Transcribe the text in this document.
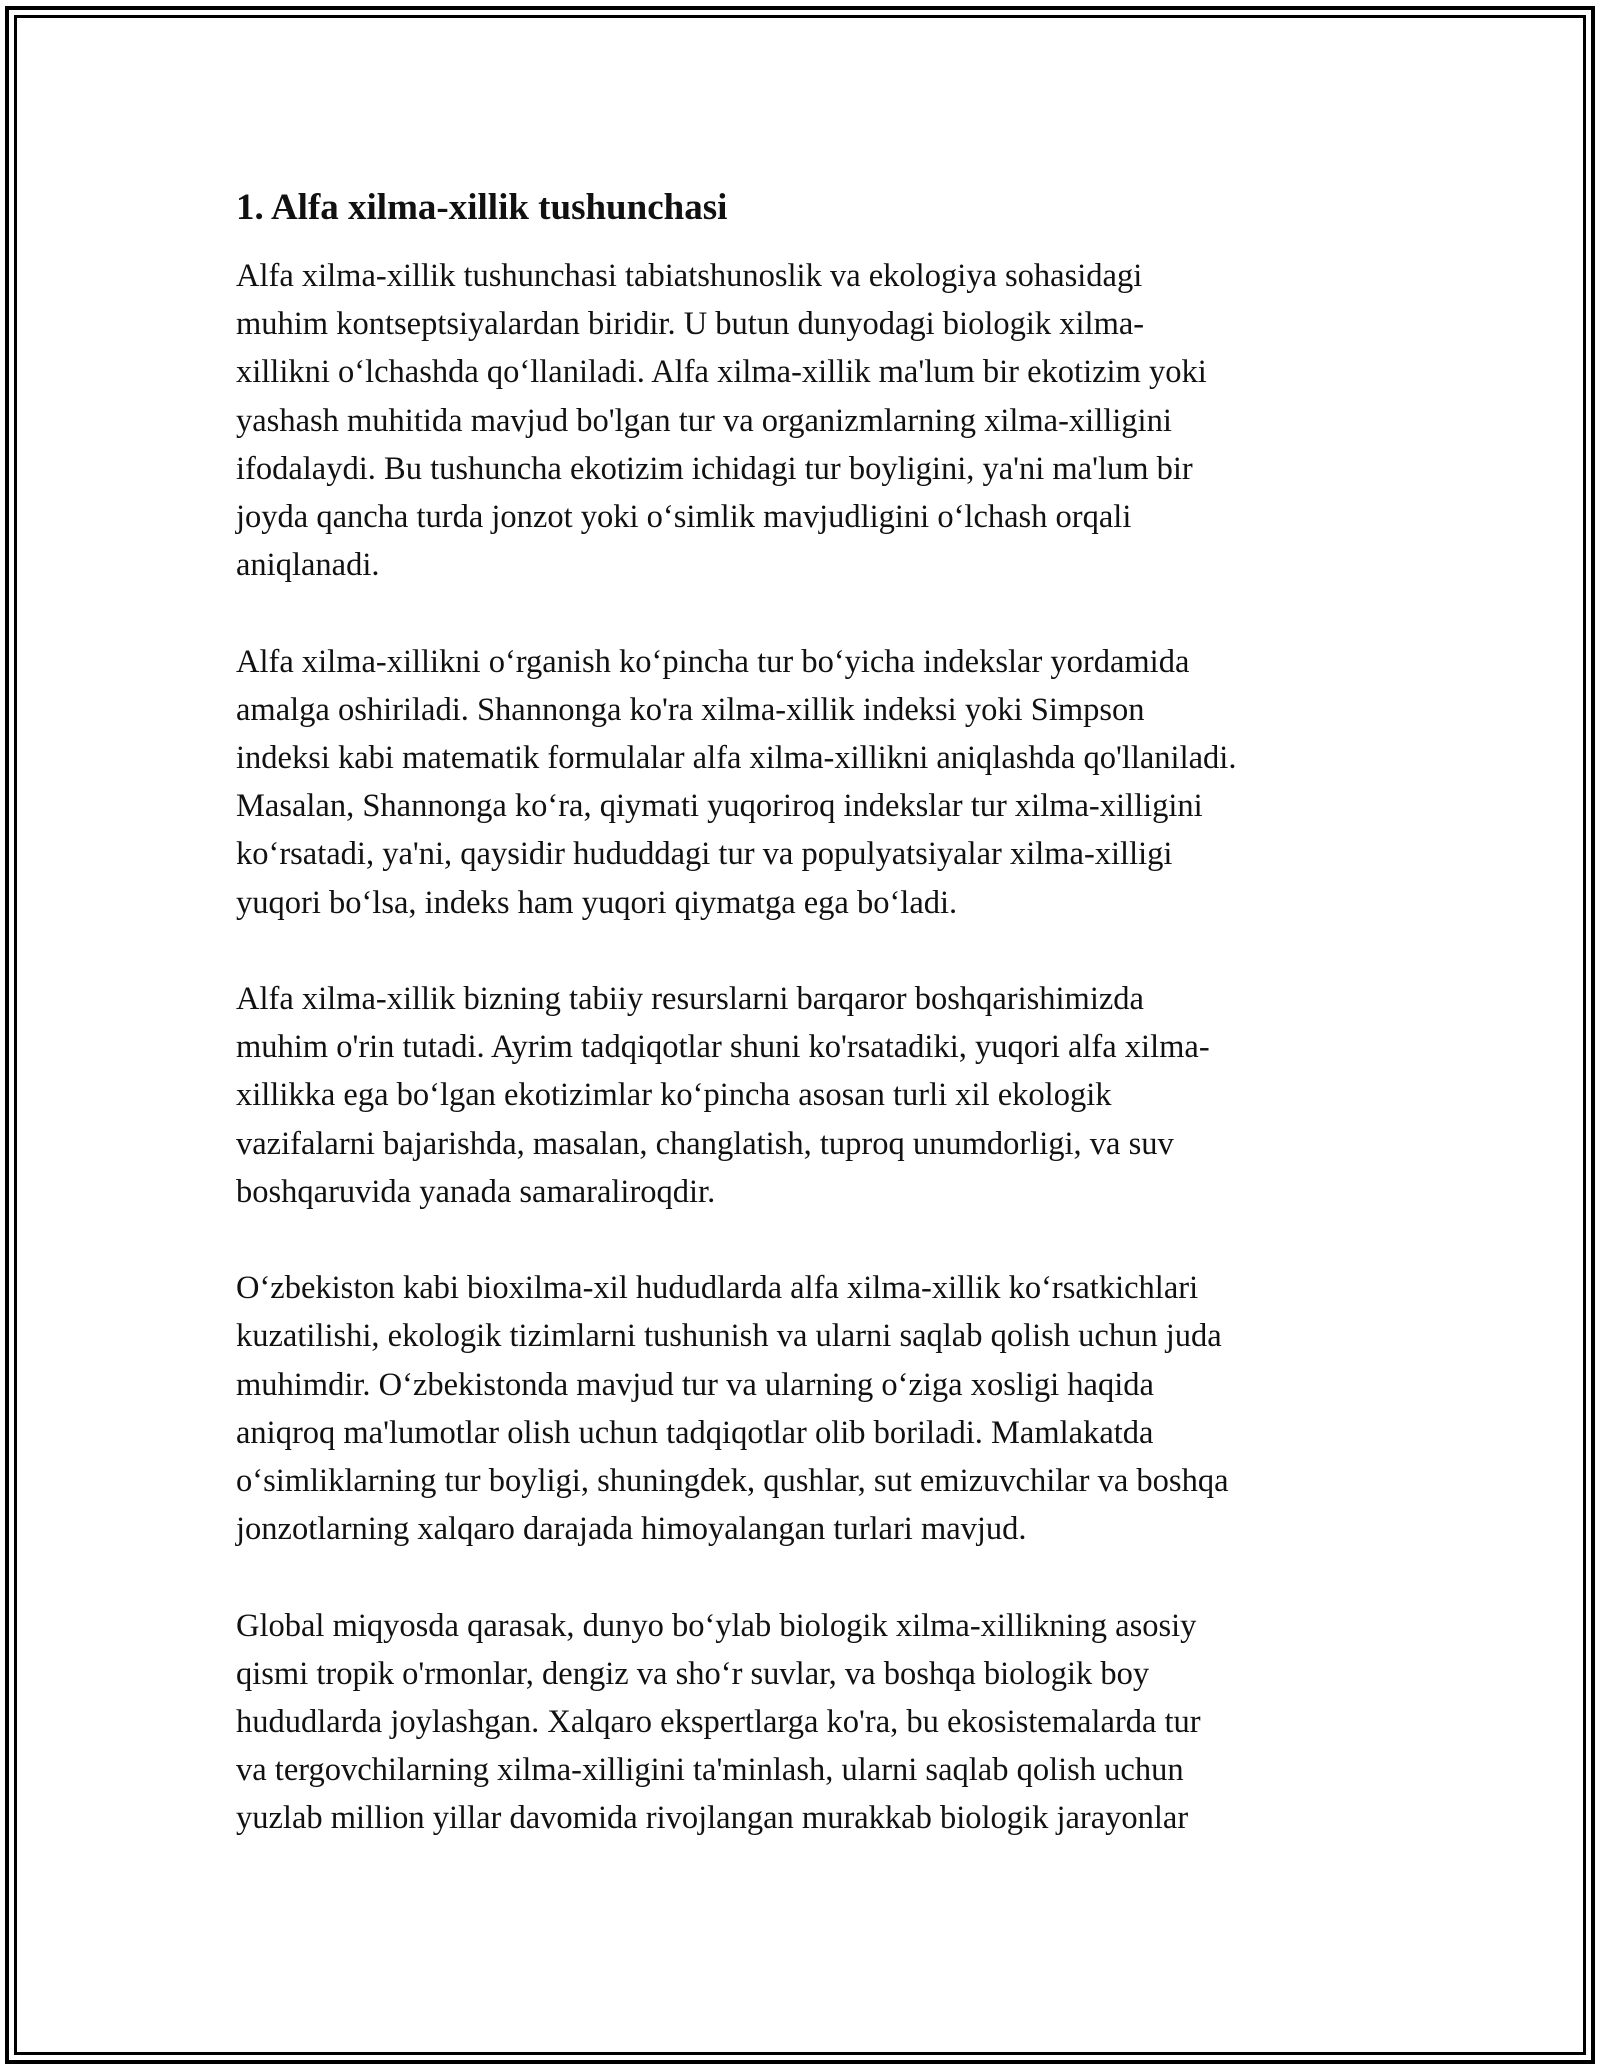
1. Alfa xilma-xillik tushunchasi

Alfa xilma-xillik tushunchasi tabiatshunoslik va ekologiya sohasidagi
muhim kontseptsiyalardan biridir. U butun dunyodagi biologik xilma-
xillikni o‘lchashda qo‘llaniladi. Alfa xilma-xillik ma'lum bir ekotizim yoki
yashash muhitida mavjud bo'lgan tur va organizmlarning xilma-xilligini
ifodalaydi. Bu tushuncha ekotizim ichidagi tur boyligini, ya'ni ma'lum bir
joyda qancha turda jonzot yoki o‘simlik mavjudligini o‘lchash orqali
aniqlanadi.

Alfa xilma-xillikni o‘rganish ko‘pincha tur bo‘yicha indekslar yordamida
amalga oshiriladi. Shannonga ko'ra xilma-xillik indeksi yoki Simpson
indeksi kabi matematik formulalar alfa xilma-xillikni aniqlashda qo'llaniladi.
Masalan, Shannonga ko‘ra, qiymati yuqoriroq indekslar tur xilma-xilligini
ko‘rsatadi, ya'ni, qaysidir hududdagi tur va populyatsiyalar xilma-xilligi
yuqori bo‘lsa, indeks ham yuqori qiymatga ega bo‘ladi.

Alfa xilma-xillik bizning tabiiy resurslarni barqaror boshqarishimizda
muhim o'rin tutadi. Ayrim tadqiqotlar shuni ko'rsatadiki, yuqori alfa xilma-
xillikka ega bo‘lgan ekotizimlar ko‘pincha asosan turli xil ekologik
vazifalarni bajarishda, masalan, changlatish, tuproq unumdorligi, va suv
boshqaruvida yanada samaraliroqdir.

O‘zbekiston kabi bioxilma-xil hududlarda alfa xilma-xillik ko‘rsatkichlari
kuzatilishi, ekologik tizimlarni tushunish va ularni saqlab qolish uchun juda
muhimdir. O‘zbekistonda mavjud tur va ularning o‘ziga xosligi haqida
aniqroq ma'lumotlar olish uchun tadqiqotlar olib boriladi. Mamlakatda
o‘simliklarning tur boyligi, shuningdek, qushlar, sut emizuvchilar va boshqa
jonzotlarning xalqaro darajada himoyalangan turlari mavjud.

Global miqyosda qarasak, dunyo bo‘ylab biologik xilma-xillikning asosiy
qismi tropik o'rmonlar, dengiz va sho‘r suvlar, va boshqa biologik boy
hududlarda joylashgan. Xalqaro ekspertlarga ko'ra, bu ekosistemalarda tur
va tergovchilarning xilma-xilligini ta'minlash, ularni saqlab qolish uchun
yuzlab million yillar davomida rivojlangan murakkab biologik jarayonlar
